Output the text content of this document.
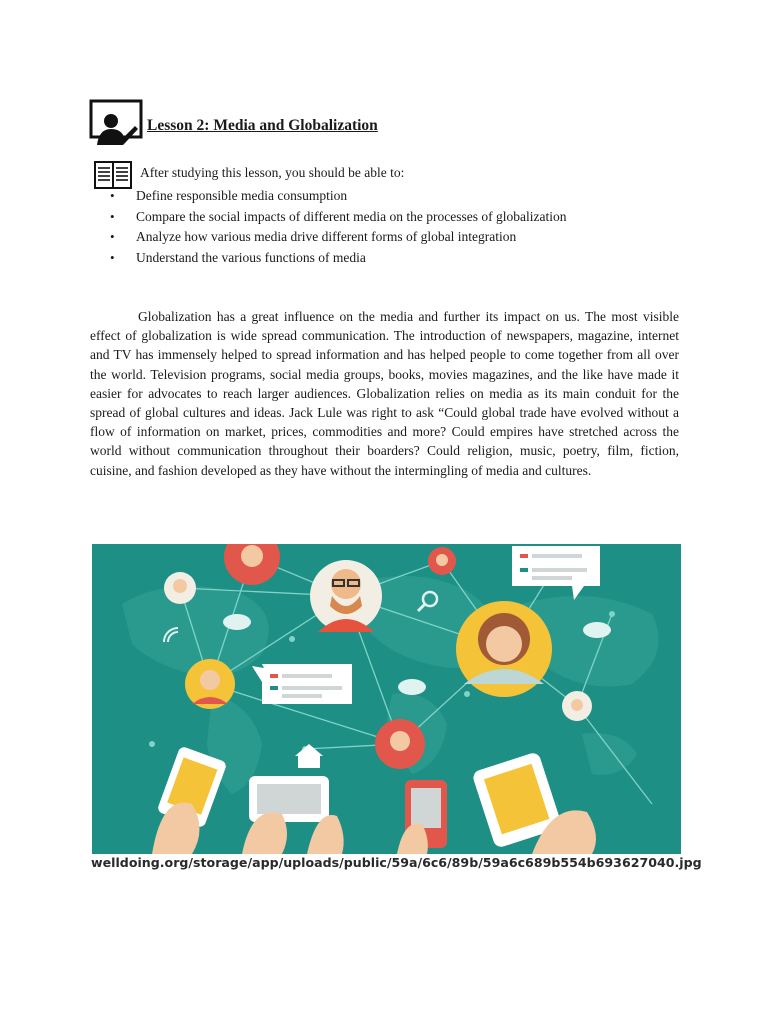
Lesson 2: Media and Globalization
After studying this lesson, you should be able to:
• Define responsible media consumption
• Compare the social impacts of different media on the processes of globalization
• Analyze how various media drive different forms of global integration
• Understand the various functions of media

Globalization has a great influence on the media and further its impact on us. The most visible effect of globalization is wide spread communication. The introduction of newspapers, magazine, internet and TV has immensely helped to spread information and has helped people to come together from all over the world. Television programs, social media groups, books, movies magazines, and the like have made it easier for advocates to reach larger audiences. Globalization relies on media as its main conduit for the spread of global cultures and ideas. Jack Lule was right to ask “Could global trade have evolved without a flow of information on market, prices, commodities and more? Could empires have stretched across the world without communication throughout their boarders? Could religion, music, poetry, film, fiction, cuisine, and fashion developed as they have without the intermingling of media and cultures.

welldoing.org/storage/app/uploads/public/59a/6c6/89b/59a6c689b554b693627040.jpg
